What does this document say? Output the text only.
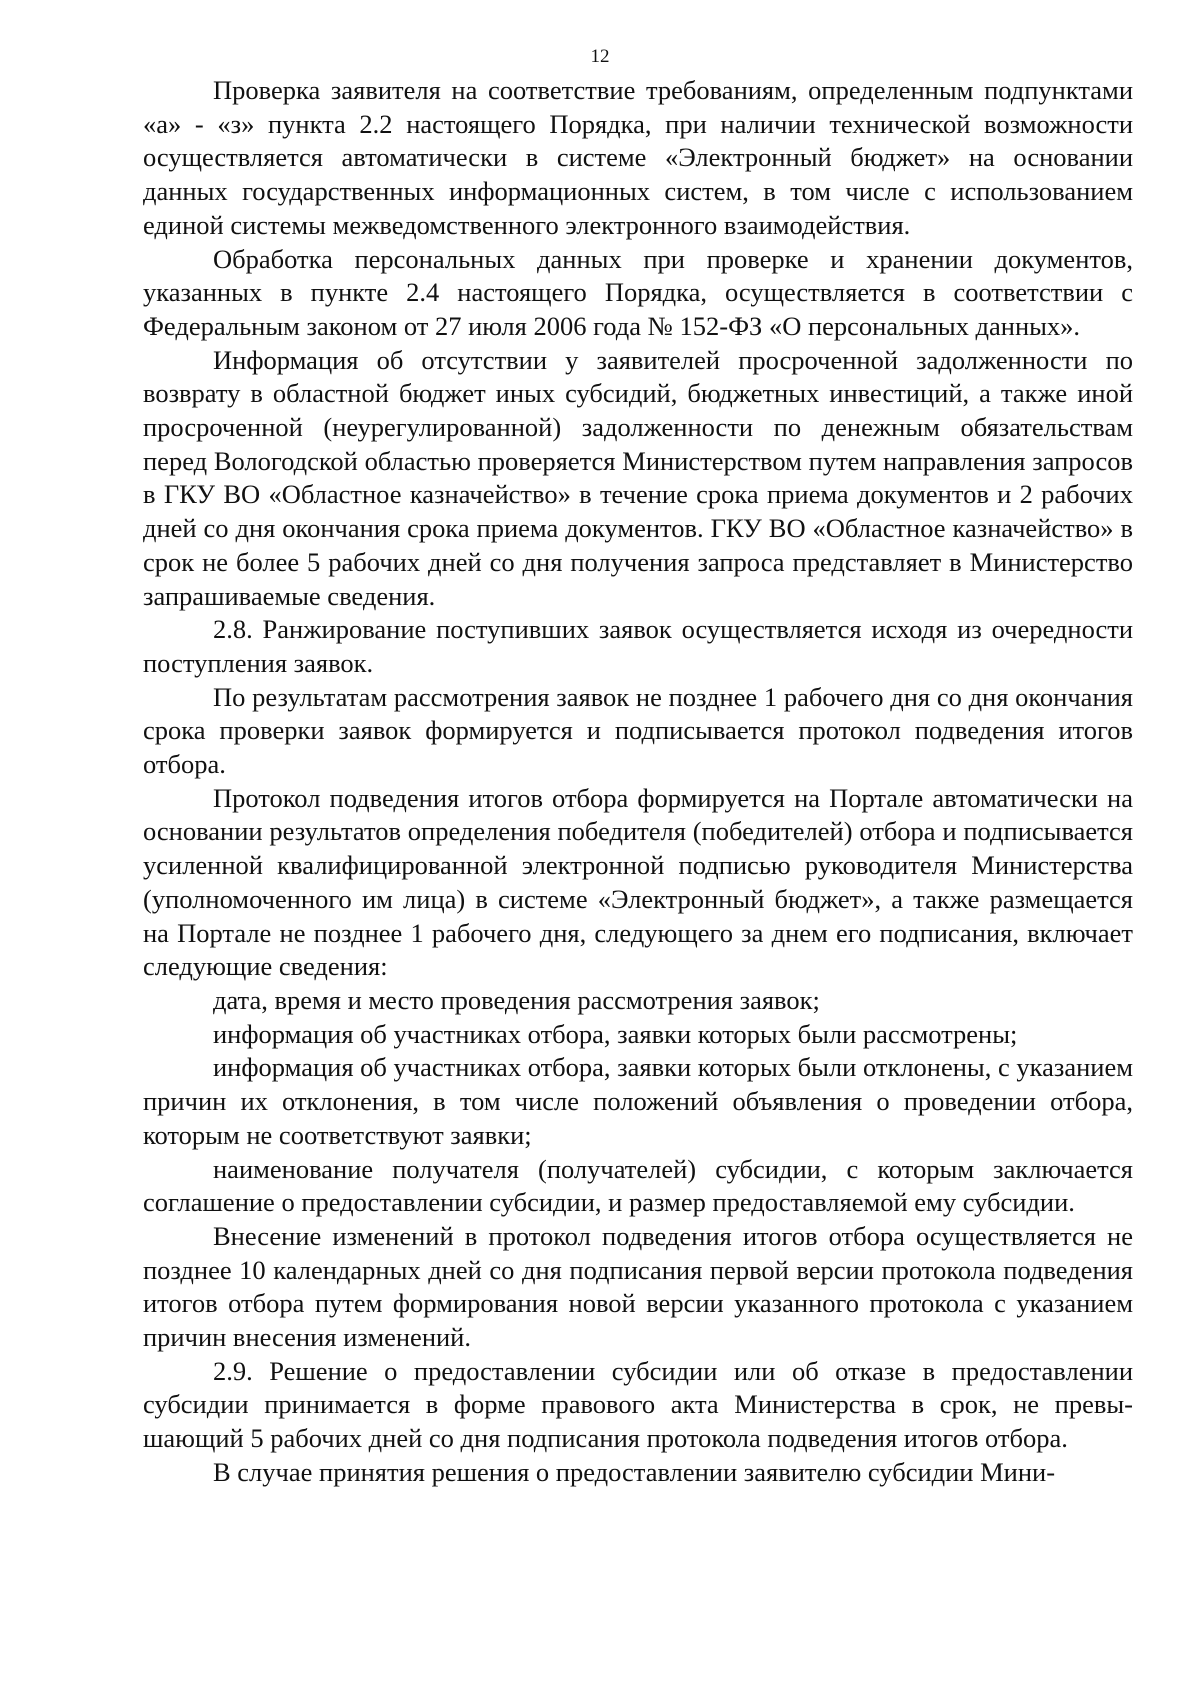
12

Проверка заявителя на соответствие требованиям, определенным подпунктами «а» - «з» пункта 2.2 настоящего Порядка, при наличии технической возможности осуществляется автоматически в системе «Электронный бюджет» на основании данных государственных информационных систем, в том числе с использованием единой системы межведомственного электронного взаимодействия.

Обработка персональных данных при проверке и хранении документов, указанных в пункте 2.4 настоящего Порядка, осуществляется в соответствии с Федеральным законом от 27 июля 2006 года № 152-ФЗ «О персональных данных».

Информация об отсутствии у заявителей просроченной задолженности по возврату в областной бюджет иных субсидий, бюджетных инвестиций, а также иной просроченной (неурегулированной) задолженности по денежным обязательствам перед Вологодской областью проверяется Министерством путем направления запросов в ГКУ ВО «Областное казначейство» в течение срока приема документов и 2 рабочих дней со дня окончания срока приема документов. ГКУ ВО «Областное казначейство» в срок не более 5 рабочих дней со дня получения запроса представляет в Министерство запрашиваемые сведения.

2.8. Ранжирование поступивших заявок осуществляется исходя из очередности поступления заявок.

По результатам рассмотрения заявок не позднее 1 рабочего дня со дня окончания срока проверки заявок формируется и подписывается протокол подведения итогов отбора.

Протокол подведения итогов отбора формируется на Портале автоматически на основании результатов определения победителя (победителей) отбора и подписывается усиленной квалифицированной электронной подписью руководителя Министерства (уполномоченного им лица) в системе «Электронный бюджет», а также размещается на Портале не позднее 1 рабочего дня, следующего за днем его подписания, включает следующие сведения:

дата, время и место проведения рассмотрения заявок;

информация об участниках отбора, заявки которых были рассмотрены;

информация об участниках отбора, заявки которых были отклонены, с указанием причин их отклонения, в том числе положений объявления о проведении отбора, которым не соответствуют заявки;

наименование получателя (получателей) субсидии, с которым заключается соглашение о предоставлении субсидии, и размер предоставляемой ему субсидии.

Внесение изменений в протокол подведения итогов отбора осуществляется не позднее 10 календарных дней со дня подписания первой версии протокола подведения итогов отбора путем формирования новой версии указанного протокола с указанием причин внесения изменений.

2.9. Решение о предоставлении субсидии или об отказе в предоставлении субсидии принимается в форме правового акта Министерства в срок, не превышающий 5 рабочих дней со дня подписания протокола подведения итогов отбора.

В случае принятия решения о предоставлении заявителю субсидии Мини-
